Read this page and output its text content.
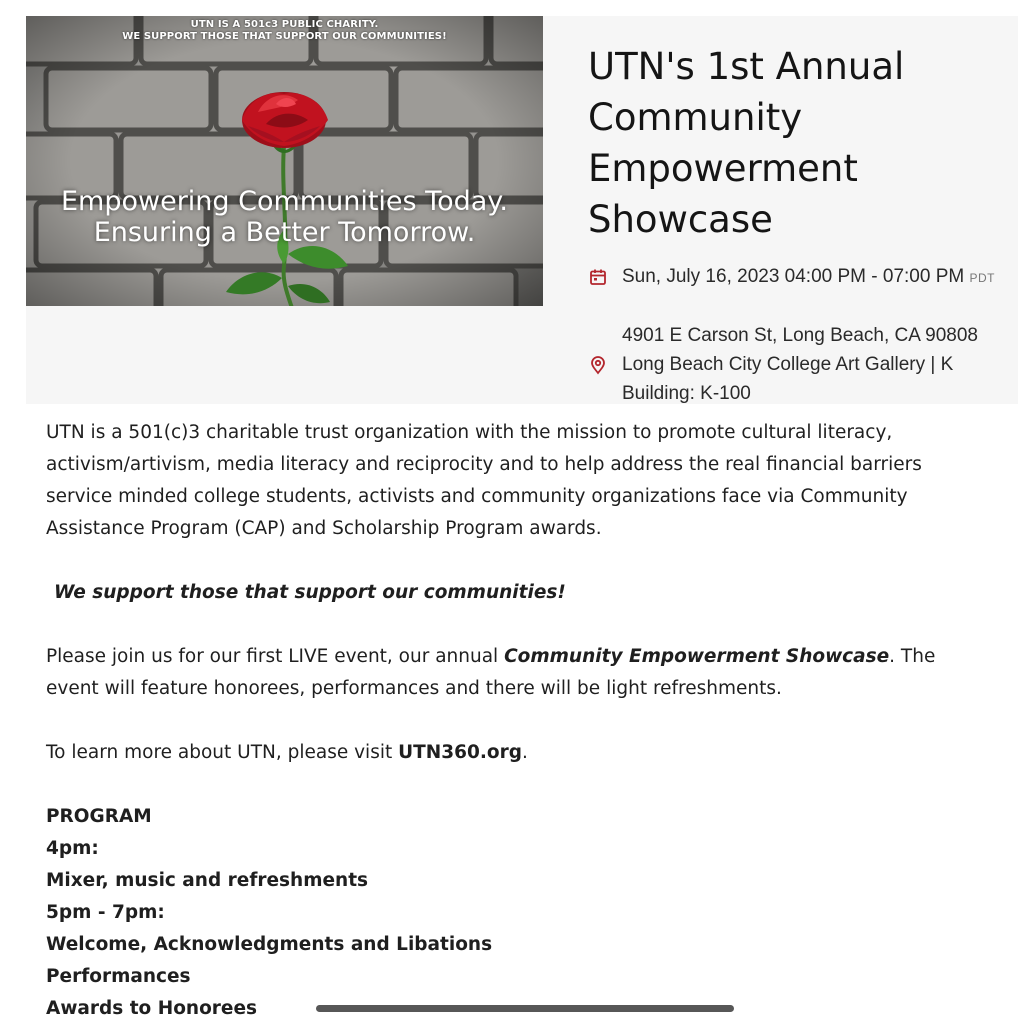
UTN IS A 501c3 PUBLIC CHARITY.
WE SUPPORT THOSE THAT SUPPORT OUR COMMUNITIES!
Empowering Communities Today.
Ensuring a Better Tomorrow.
UTN's 1st Annual
Community
Empowerment
Showcase
Sun, July 16, 2023 04:00 PM - 07:00 PM PDT
4901 E Carson St, Long Beach, CA 90808
Long Beach City College Art Gallery | K Building: K-100

UTN is a 501(c)3 charitable trust organization with the mission to promote cultural literacy, activism/artivism, media literacy and reciprocity and to help address the real financial barriers service minded college students, activists and community organizations face via Community Assistance Program (CAP) and Scholarship Program awards.

We support those that support our communities!

Please join us for our first LIVE event, our annual Community Empowerment Showcase. The event will feature honorees, performances and there will be light refreshments.

To learn more about UTN, please visit UTN360.org.

PROGRAM
4pm:
Mixer, music and refreshments
5pm - 7pm:
Welcome, Acknowledgments and Libations
Performances
Awards to Honorees
